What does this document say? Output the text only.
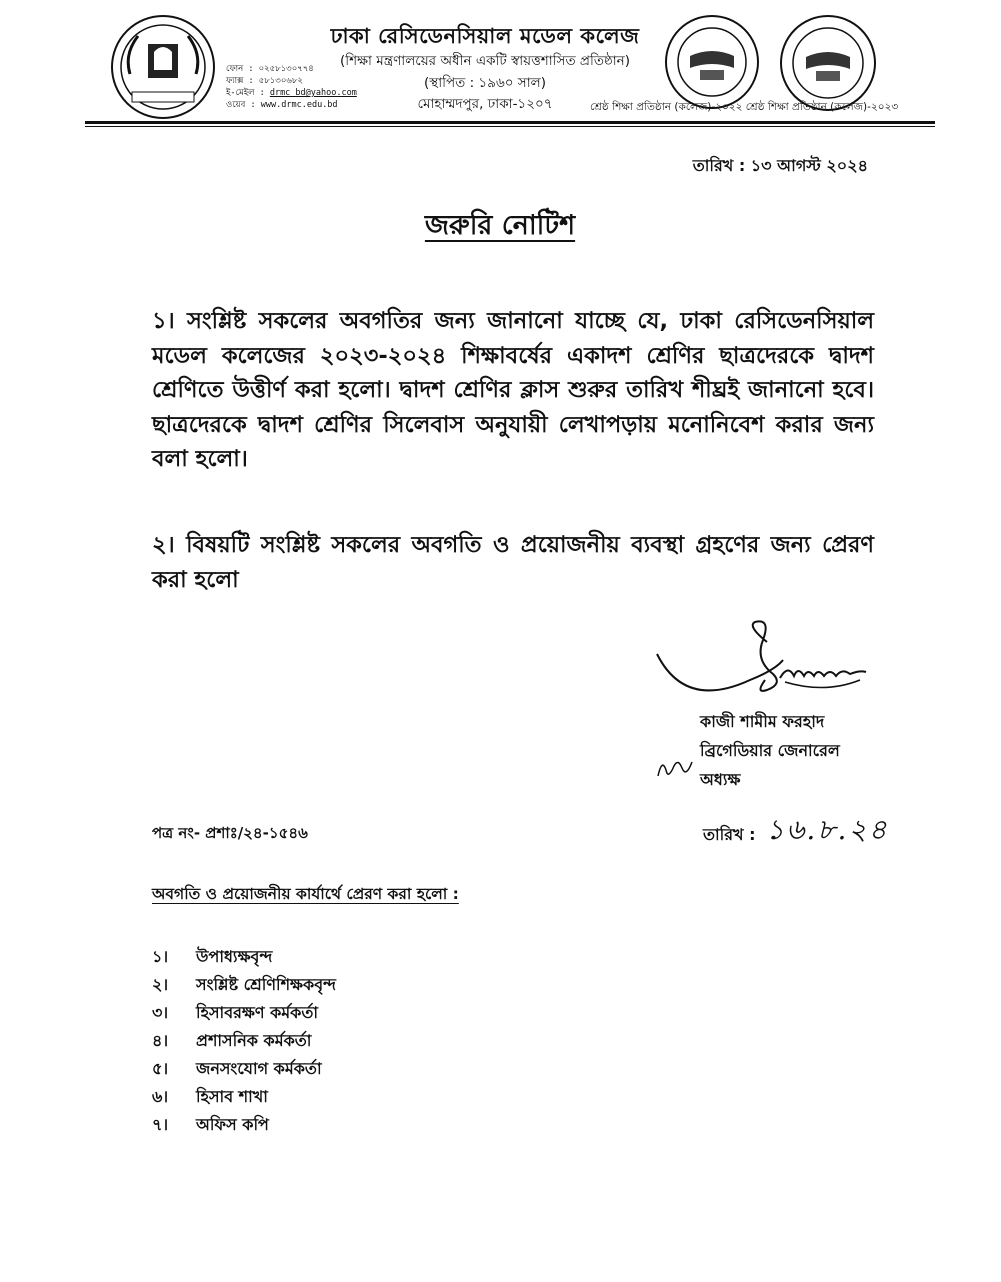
ঢাকা রেসিডেনসিয়াল মডেল কলেজ
(শিক্ষা মন্ত্রণালয়ের অধীন একটি স্বায়ত্তশাসিত প্রতিষ্ঠান)
(স্থাপিত : ১৯৬০ সাল)
মোহাম্মদপুর, ঢাকা-১২০৭
ফোন : ০২৫৮১৩০৭৭৪
ফ্যাক্স : ৫৮১৩০৬৮২
ই-মেইল : drmc_bd@yahoo.com
ওয়েব : www.drmc.edu.bd	শ্রেষ্ঠ শিক্ষা প্রতিষ্ঠান (কলেজ)-২০২২ শ্রেষ্ঠ শিক্ষা প্রতিষ্ঠান (কলেজ)-২০২৩
তারিখ : ১৩ আগস্ট ২০২৪
জরুরি নোটিশ
১। সংশ্লিষ্ট সকলের অবগতির জন্য জানানো যাচ্ছে যে, ঢাকা রেসিডেনসিয়াল মডেল কলেজের ২০২৩-২০২৪ শিক্ষাবর্ষের একাদশ শ্রেণির ছাত্রদেরকে দ্বাদশ শ্রেণিতে উত্তীর্ণ করা হলো। দ্বাদশ শ্রেণির ক্লাস শুরুর তারিখ শীঘ্রই জানানো হবে। ছাত্রদেরকে দ্বাদশ শ্রেণির সিলেবাস অনুযায়ী লেখাপড়ায় মনোনিবেশ করার জন্য বলা হলো।
২। বিষয়টি সংশ্লিষ্ট সকলের অবগতি ও প্রয়োজনীয় ব্যবস্থা গ্রহণের জন্য প্রেরণ করা হলো
কাজী শামীম ফরহাদ
ব্রিগেডিয়ার জেনারেল
অধ্যক্ষ
পত্র নং- প্রশাঃ/২৪-১৫৪৬	তারিখ : ১৬.৮.২৪
অবগতি ও প্রয়োজনীয় কার্যার্থে প্রেরণ করা হলো :
১। উপাধ্যক্ষবৃন্দ
২। সংশ্লিষ্ট শ্রেণিশিক্ষকবৃন্দ
৩। হিসাবরক্ষণ কর্মকর্তা
৪। প্রশাসনিক কর্মকর্তা
৫। জনসংযোগ কর্মকর্তা
৬। হিসাব শাখা
৭। অফিস কপি
